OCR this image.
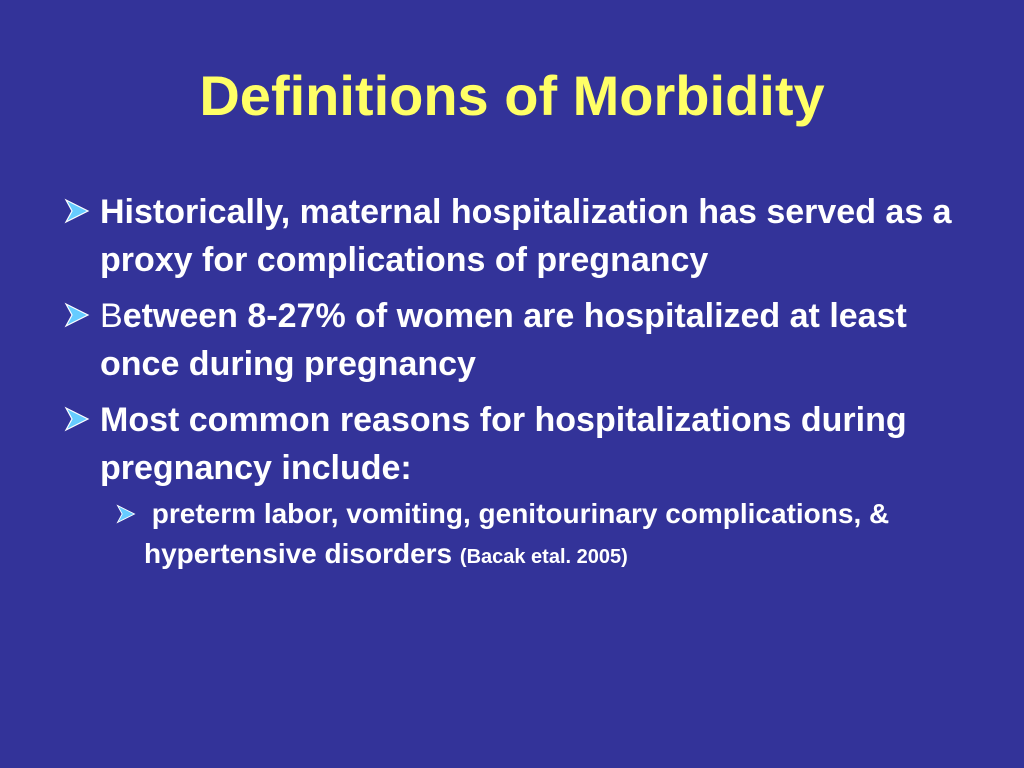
Definitions of Morbidity
Historically, maternal hospitalization has served as a proxy for complications of pregnancy
Between 8-27% of women are hospitalized at least once during pregnancy
Most common reasons for hospitalizations during pregnancy include:
preterm labor, vomiting, genitourinary complications, & hypertensive disorders (Bacak etal. 2005)
